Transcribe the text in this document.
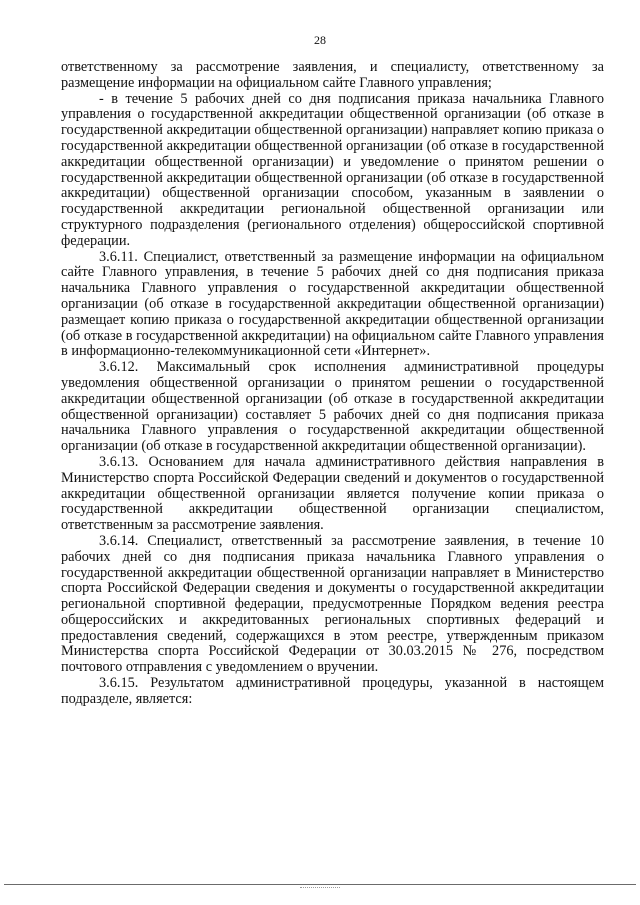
28

ответственному за рассмотрение заявления, и специалисту, ответственному за размещение информации на официальном сайте Главного управления;

- в течение 5 рабочих дней со дня подписания приказа начальника Главного управления о государственной аккредитации общественной организации (об отказе в государственной аккредитации общественной организации) направляет копию приказа о государственной аккредитации общественной организации (об отказе в государственной аккредитации общественной организации) и уведомление о принятом решении о государственной аккредитации общественной организации (об отказе в государственной аккредитации) общественной организации способом, указанным в заявлении о государственной аккредитации региональной общественной организации или структурного подразделения (регионального отделения) общероссийской спортивной федерации.

3.6.11. Специалист, ответственный за размещение информации на официальном сайте Главного управления, в течение 5 рабочих дней со дня подписания приказа начальника Главного управления о государственной аккредитации общественной организации (об отказе в государственной аккредитации общественной организации) размещает копию приказа о государственной аккредитации общественной организации (об отказе в государственной аккредитации) на официальном сайте Главного управления в информационно-телекоммуникационной сети «Интернет».

3.6.12. Максимальный срок исполнения административной процедуры уведомления общественной организации о принятом решении о государственной аккредитации общественной организации (об отказе в государственной аккредитации общественной организации) составляет 5 рабочих дней со дня подписания приказа начальника Главного управления о государственной аккредитации общественной организации (об отказе в государственной аккредитации общественной организации).

3.6.13. Основанием для начала административного действия направления в Министерство спорта Российской Федерации сведений и документов о государственной аккредитации общественной организации является получение копии приказа о государственной аккредитации общественной организации специалистом, ответственным за рассмотрение заявления.

3.6.14. Специалист, ответственный за рассмотрение заявления, в течение 10 рабочих дней со дня подписания приказа начальника Главного управления о государственной аккредитации общественной организации направляет в Министерство спорта Российской Федерации сведения и документы о государственной аккредитации региональной спортивной федерации, предусмотренные Порядком ведения реестра общероссийских и аккредитованных региональных спортивных федераций и предоставления сведений, содержащихся в этом реестре, утвержденным приказом Министерства спорта Российской Федерации от 30.03.2015 № 276, посредством почтового отправления с уведомлением о вручении.

3.6.15. Результатом административной процедуры, указанной в настоящем подразделе, является:
